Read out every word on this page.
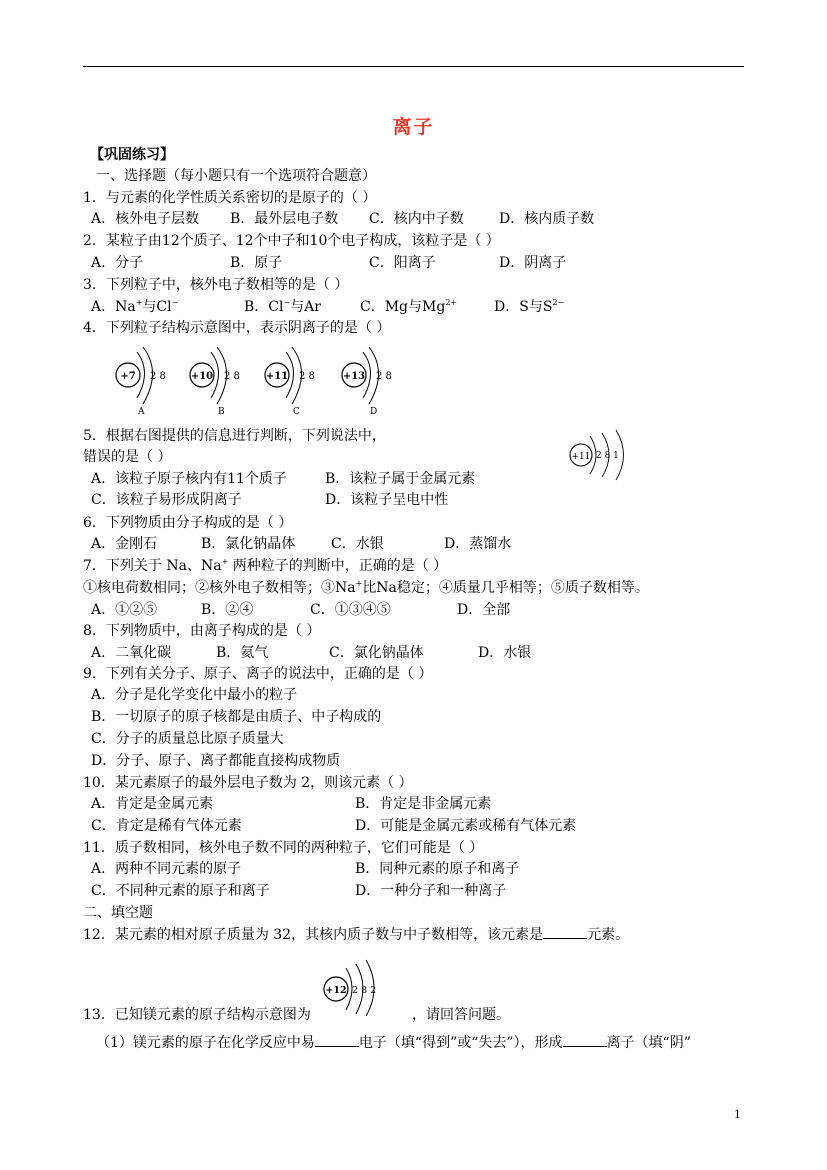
离子
【巩固练习】
一、选择题（每小题只有一个选项符合题意）
1．与元素的化学性质关系密切的是原子的（ ）
A．核外电子层数 B．最外层电子数 C．核内中子数	D．核内质子数
2．某粒子由12个质子、12个中子和10个电子构成，该粒子是（ ）
A．分子	B．原子	C．阳离子	D．阴离子
3．下列粒子中，核外电子数相等的是（ ）
A．Na+与Cl−	B．Cl−与Ar	C．Mg与$Mg^{2+}$	D．S与$S^{2-}$
4．下列粒子结构示意图中，表示阴离子的是（ ）
+7 2 8
A
+10 2 8
B
+11 2 8
C
+13 2 8
D
5．根据右图提供的信息进行判断，下列说法中，
错误的是（ ）	+11 2 8 1
A．该粒子原子核内有11个质子	B．该粒子属于金属元素
C．该粒子易形成阴离子	D．该粒子呈电中性
6．下列物质由分子构成的是（ ）
A．金刚石	B．氯化钠晶体	C．水银	D．蒸馏水
7．下列关于 Na、Na+ 两种粒子的判断中，正确的是（ ）
①核电荷数相同；②核外电子数相等；③Na+比Na稳定；④质量几乎相等；⑤质子数相等。
A．①②⑤	B．②④	C．①③④⑤	D．全部
8．下列物质中，由离子构成的是（ ）
A．二氧化碳	B．氦气	C．氯化钠晶体	D．水银
9．下列有关分子、原子、离子的说法中，正确的是（ ）
A．分子是化学变化中最小的粒子
B．一切原子的原子核都是由质子、中子构成的
C．分子的质量总比原子质量大
D．分子、原子、离子都能直接构成物质
10．某元素原子的最外层电子数为 2，则该元素（ ）
A．肯定是金属元素	B．肯定是非金属元素
C．肯定是稀有气体元素	D．可能是金属元素或稀有气体元素
11．质子数相同，核外电子数不同的两种粒子，它们可能是（ ）
A．两种不同元素的原子	B．同种元素的原子和离子
C．不同种元素的原子和离子	D．一种分子和一种离子
二、填空题
12．某元素的相对原子质量为 32，其核内质子数与中子数相等，该元素是	元素。
+12 2 8 2
13．已知镁元素的原子结构示意图为	，请回答问题。
（1）镁元素的原子在化学反应中易	电子（填“得到”或“失去”），形成	离子（填“阴”
1
